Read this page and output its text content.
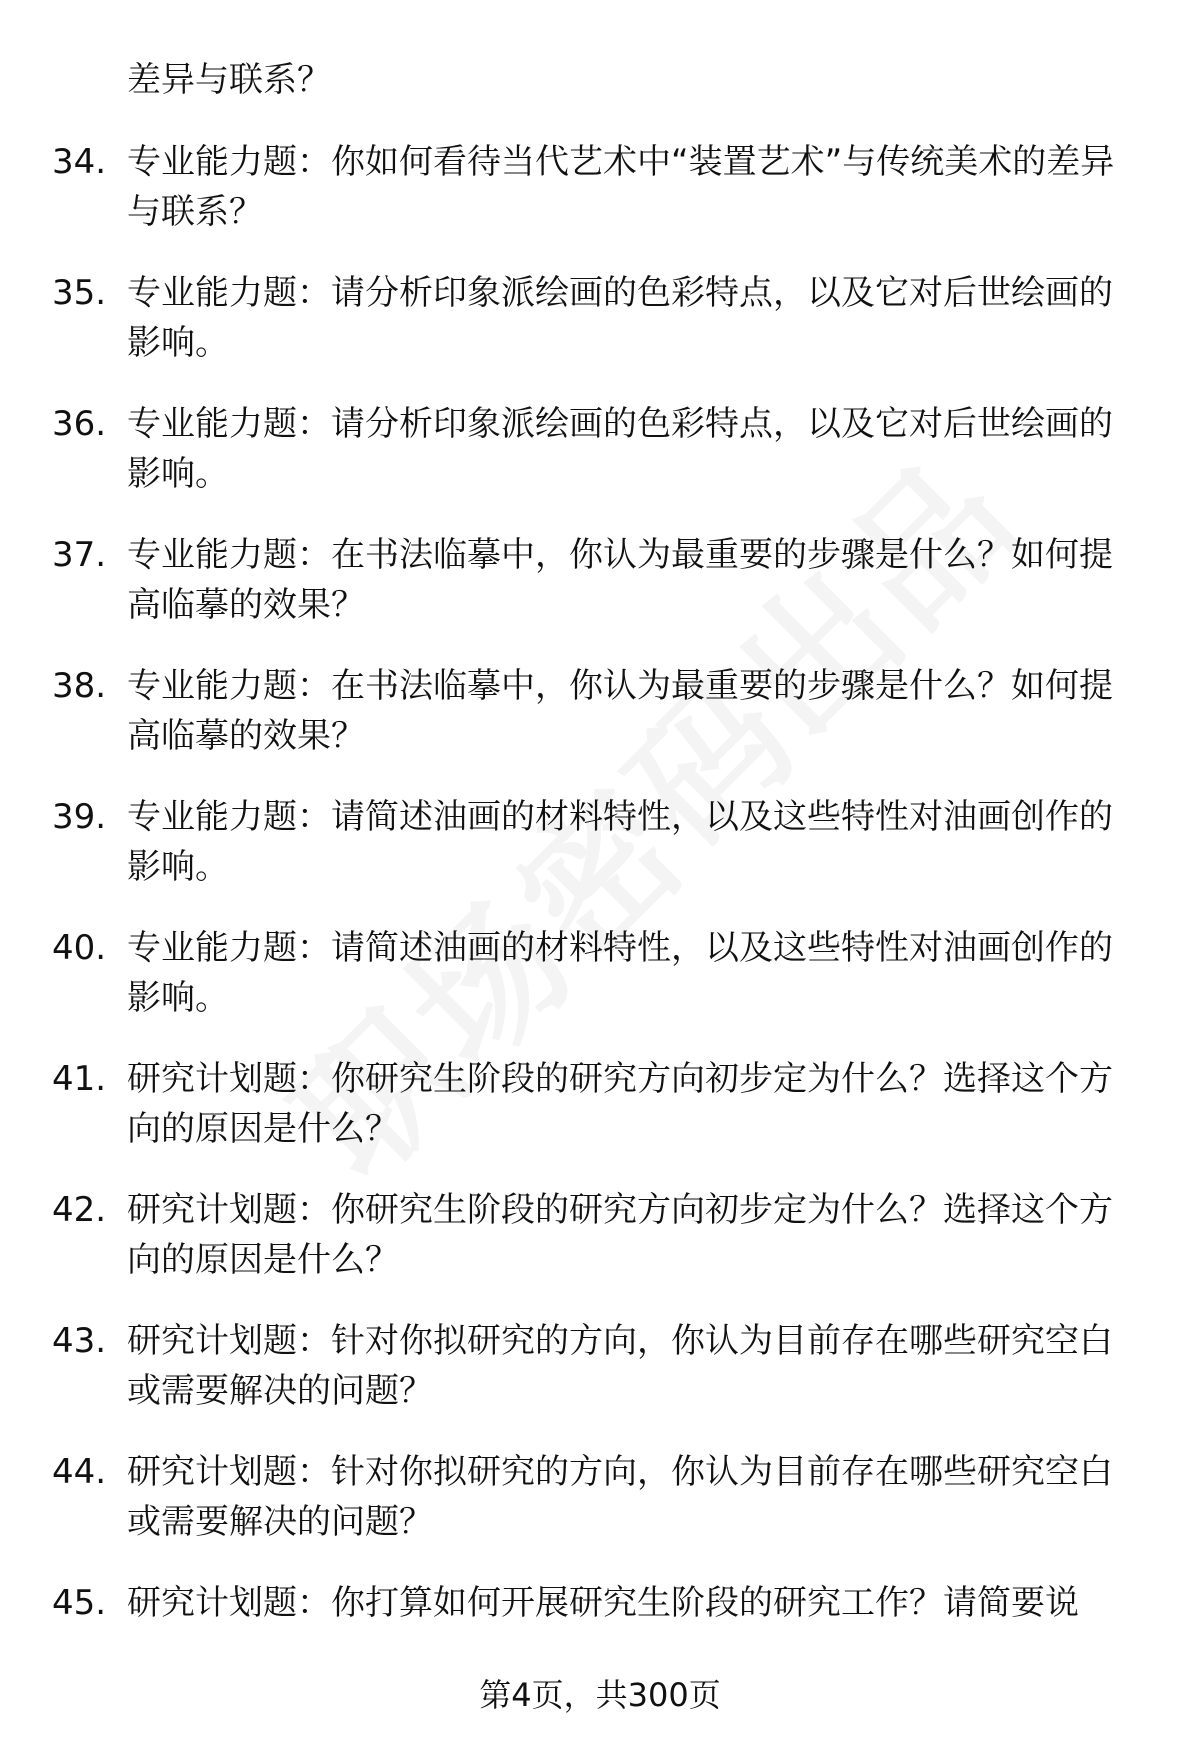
差异与联系？
34. 专业能力题：你如何看待当代艺术中“装置艺术”与传统美术的差异与联系？
35. 专业能力题：请分析印象派绘画的色彩特点，以及它对后世绘画的影响。
36. 专业能力题：请分析印象派绘画的色彩特点，以及它对后世绘画的影响。
37. 专业能力题：在书法临摹中，你认为最重要的步骤是什么？如何提高临摹的效果？
38. 专业能力题：在书法临摹中，你认为最重要的步骤是什么？如何提高临摹的效果？
39. 专业能力题：请简述油画的材料特性，以及这些特性对油画创作的影响。
40. 专业能力题：请简述油画的材料特性，以及这些特性对油画创作的影响。
41. 研究计划题：你研究生阶段的研究方向初步定为什么？选择这个方向的原因是什么？
42. 研究计划题：你研究生阶段的研究方向初步定为什么？选择这个方向的原因是什么？
43. 研究计划题：针对你拟研究的方向，你认为目前存在哪些研究空白或需要解决的问题？
44. 研究计划题：针对你拟研究的方向，你认为目前存在哪些研究空白或需要解决的问题？
45. 研究计划题：你打算如何开展研究生阶段的研究工作？请简要说
第4页，共300页
